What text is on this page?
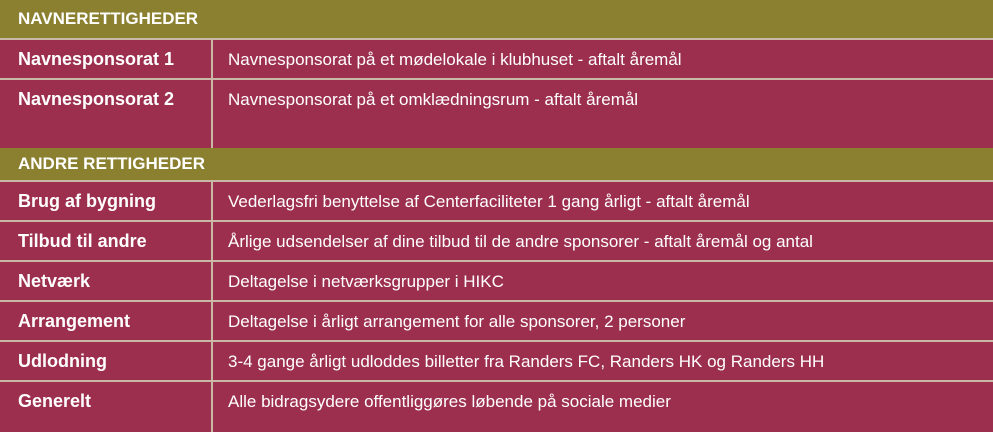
NAVNERETTIGHEDER
Navnesponsorat 1	Navnesponsorat på et mødelokale i klubhuset - aftalt åremål
Navnesponsorat 2	Navnesponsorat på et omklædningsrum - aftalt åremål
ANDRE RETTIGHEDER
Brug af bygning	Vederlagsfri benyttelse af Centerfaciliteter 1 gang årligt - aftalt åremål
Tilbud til andre	Årlige udsendelser af dine tilbud til de andre sponsorer - aftalt åremål og antal
Netværk	Deltagelse i netværksgrupper i HIKC
Arrangement	Deltagelse i årligt arrangement for alle sponsorer, 2 personer
Udlodning	3-4 gange årligt udloddes billetter fra Randers FC, Randers HK og Randers HH
Generelt	Alle bidragsydere offentliggøres løbende på sociale medier
